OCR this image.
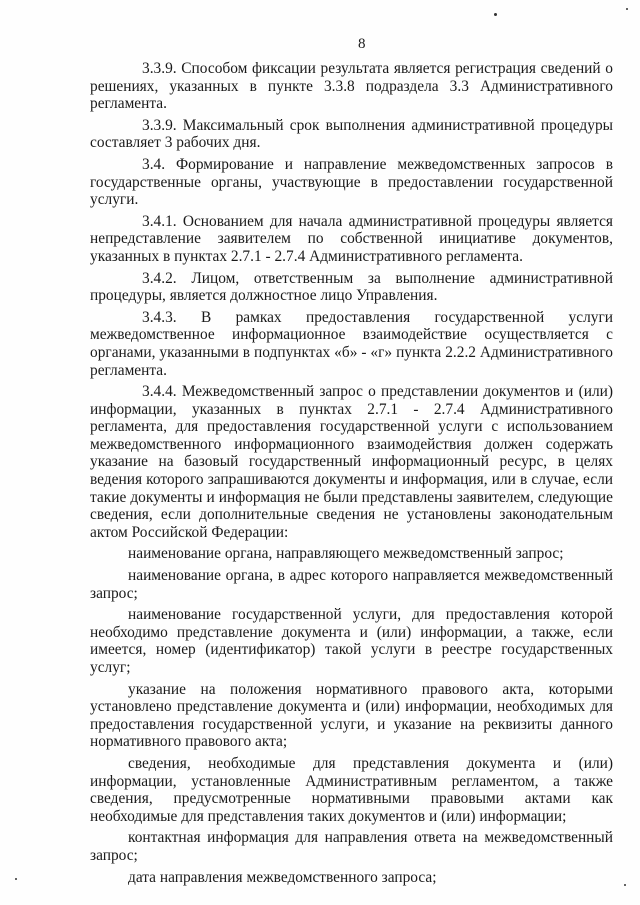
8

3.3.9. Способом фиксации результата является регистрация сведений о решениях, указанных в пункте 3.3.8 подраздела 3.3 Административного регламента.

3.3.9. Максимальный срок выполнения административной процедуры составляет 3 рабочих дня.

3.4. Формирование и направление межведомственных запросов в государственные органы, участвующие в предоставлении государственной услуги.

3.4.1. Основанием для начала административной процедуры является непредставление заявителем по собственной инициативе документов, указанных в пунктах 2.7.1 - 2.7.4 Административного регламента.

3.4.2. Лицом, ответственным за выполнение административной процедуры, является должностное лицо Управления.

3.4.3. В рамках предоставления государственной услуги межведомственное информационное взаимодействие осуществляется с органами, указанными в подпунктах «б» - «г» пункта 2.2.2 Административного регламента.

3.4.4. Межведомственный запрос о представлении документов и (или) информации, указанных в пунктах 2.7.1 - 2.7.4 Административного регламента, для предоставления государственной услуги с использованием межведомственного информационного взаимодействия должен содержать указание на базовый государственный информационный ресурс, в целях ведения которого запрашиваются документы и информация, или в случае, если такие документы и информация не были представлены заявителем, следующие сведения, если дополнительные сведения не установлены законодательным актом Российской Федерации:

наименование органа, направляющего межведомственный запрос;

наименование органа, в адрес которого направляется межведомственный запрос;

наименование государственной услуги, для предоставления которой необходимо представление документа и (или) информации, а также, если имеется, номер (идентификатор) такой услуги в реестре государственных услуг;

указание на положения нормативного правового акта, которыми установлено представление документа и (или) информации, необходимых для предоставления государственной услуги, и указание на реквизиты данного нормативного правового акта;

сведения, необходимые для представления документа и (или) информации, установленные Административным регламентом, а также сведения, предусмотренные нормативными правовыми актами как необходимые для представления таких документов и (или) информации;

контактная информация для направления ответа на межведомственный запрос;

дата направления межведомственного запроса;
